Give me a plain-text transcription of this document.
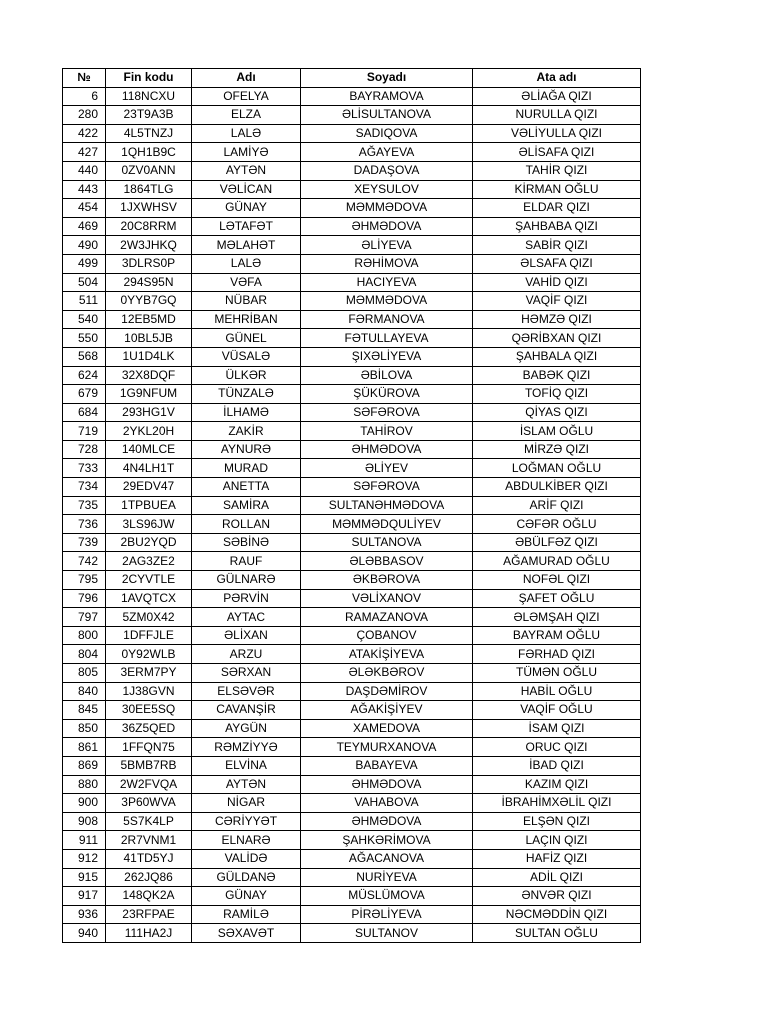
№	Fin kodu	Adı	Soyadı	Ata adı
6	118NCXU	OFELYA	BAYRAMOVA	ƏLİAĞA QIZI
280	23T9A3B	ELZA	ƏLİSULTANOVA	NURULLA QIZI
422	4L5TNZJ	LALƏ	SADIQOVA	VƏLİYULLA QIZI
427	1QH1B9C	LAMİYƏ	AĞAYEVA	ƏLİSAFA QIZI
440	0ZV0ANN	AYTƏN	DADAŞOVA	TAHİR QIZI
443	1864TLG	VƏLİCAN	XEYSULOV	KİRMAN OĞLU
454	1JXWHSV	GÜNAY	MƏMMƏDOVA	ELDAR QIZI
469	20C8RRM	LƏTAFƏT	ƏHMƏDOVA	ŞAHBABA QIZI
490	2W3JHKQ	MƏLAHƏT	ƏLİYEVA	SABİR QIZI
499	3DLRS0P	LALƏ	RƏHİMOVA	ƏLSAFA QIZI
504	294S95N	VƏFA	HACIYEVA	VAHİD QIZI
511	0YYB7GQ	NÜBAR	MƏMMƏDOVA	VAQİF QIZI
540	12EB5MD	MEHRİBAN	FƏRMANOVA	HƏMZƏ QIZI
550	10BL5JB	GÜNEL	FƏTULLAYEVA	QƏRİBXAN QIZI
568	1U1D4LK	VÜSALƏ	ŞIXƏLİYEVA	ŞAHBALA QIZI
624	32X8DQF	ÜLKƏR	ƏBİLOVA	BABƏK QIZI
679	1G9NFUM	TÜNZALƏ	ŞÜKÜROVA	TOFİQ QIZI
684	293HG1V	İLHAMƏ	SƏFƏROVA	QİYAS QIZI
719	2YKL20H	ZAKİR	TAHİROV	İSLAM OĞLU
728	140MLCE	AYNURƏ	ƏHMƏDOVA	MİRZƏ QIZI
733	4N4LH1T	MURAD	ƏLİYEV	LOĞMAN OĞLU
734	29EDV47	ANETTA	SƏFƏROVA	ABDULKİBER QIZI
735	1TPBUEA	SAMİRA	SULTANƏHMƏDOVA	ARİF QIZI
736	3LS96JW	ROLLAN	MƏMMƏDQULİYEV	CƏFƏR OĞLU
739	2BU2YQD	SƏBİNƏ	SULTANOVA	ƏBÜLFƏZ QIZI
742	2AG3ZE2	RAUF	ƏLƏBBASOV	AĞAMURAD OĞLU
795	2CYVTLE	GÜLNARƏ	ƏKBƏROVA	NOFƏL QIZI
796	1AVQTCX	PƏRVİN	VƏLİXANOV	ŞAFET OĞLU
797	5ZM0X42	AYTAC	RAMAZANOVA	ƏLƏMŞAH QIZI
800	1DFFJLE	ƏLİXAN	ÇOBANOV	BAYRAM OĞLU
804	0Y92WLB	ARZU	ATAKİŞİYEVA	FƏRHAD QIZI
805	3ERM7PY	SƏRXAN	ƏLƏKBƏROV	TÜMƏN OĞLU
840	1J38GVN	ELSƏVƏR	DAŞDƏMİROV	HABİL OĞLU
845	30EE5SQ	CAVANŞİR	AĞAKİŞİYEV	VAQİF OĞLU
850	36Z5QED	AYGÜN	XAMEDOVA	İSAM QIZI
861	1FFQN75	RƏMZİYYƏ	TEYMURXANOVA	ORUC QIZI
869	5BMB7RB	ELVİNA	BABAYEVA	İBAD QIZI
880	2W2FVQA	AYTƏN	ƏHMƏDOVA	KAZIM QIZI
900	3P60WVA	NİGAR	VAHABOVA	İBRAHİMXƏLİL QIZI
908	5S7K4LP	CƏRİYYƏT	ƏHMƏDOVA	ELŞƏN QIZI
911	2R7VNM1	ELNARƏ	ŞAHKƏRİMOVA	LAÇIN QIZI
912	41TD5YJ	VALİDƏ	AĞACANOVA	HAFİZ QIZI
915	262JQ86	GÜLDANƏ	NURİYEVA	ADİL QIZI
917	148QK2A	GÜNAY	MÜSLÜMOVA	ƏNVƏR QIZI
936	23RFPAE	RAMİLƏ	PİRƏLİYEVA	NƏCMƏDDİN QIZI
940	111HA2J	SƏXAVƏT	SULTANOV	SULTAN OĞLU
